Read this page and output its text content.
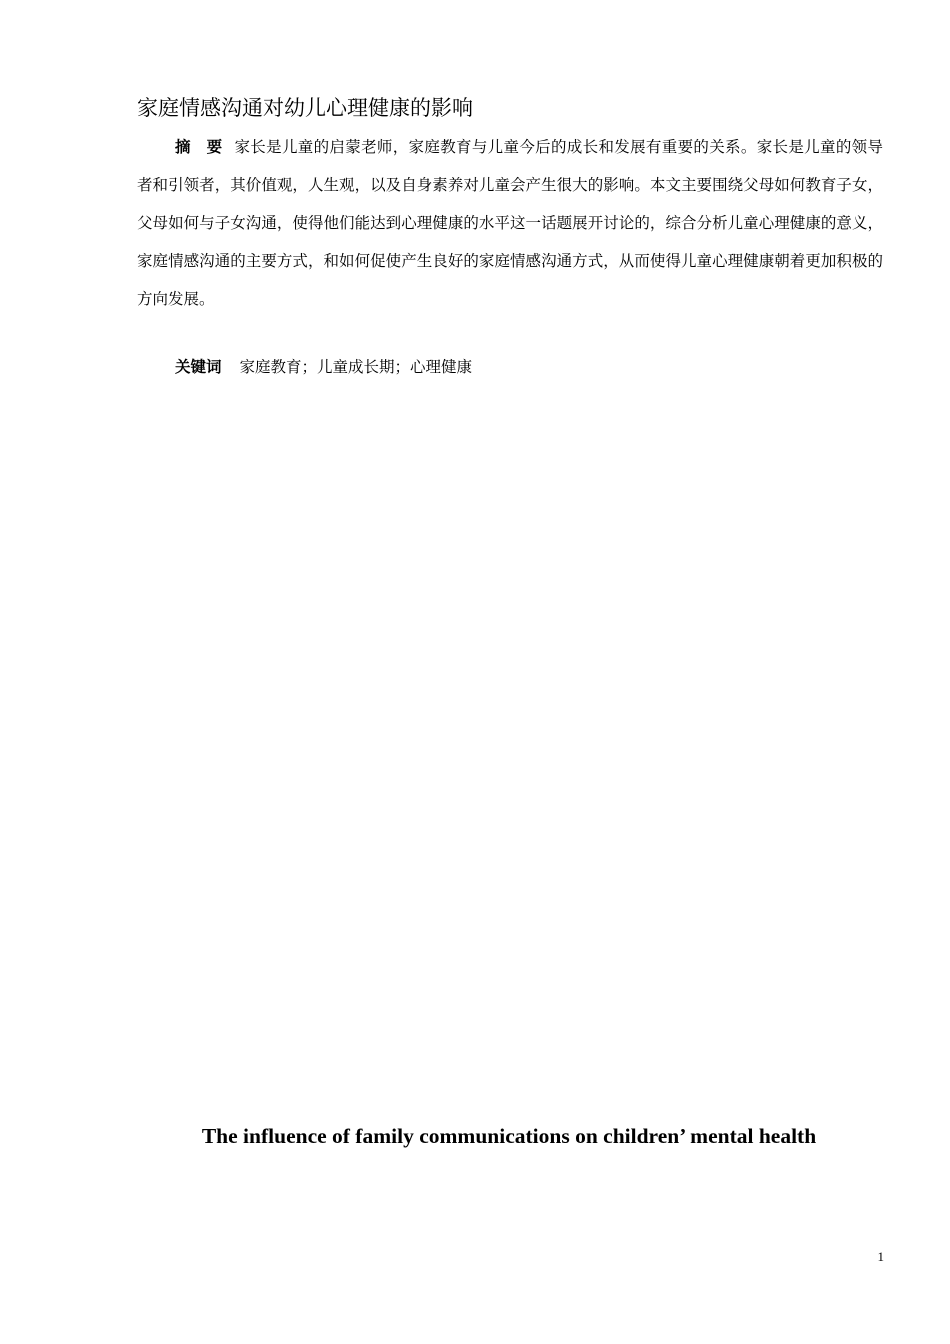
家庭情感沟通对幼儿心理健康的影响

摘　要 家长是儿童的启蒙老师，家庭教育与儿童今后的成长和发展有重要的关系。家长是儿童的领导者和引领者，其价值观，人生观，以及自身素养对儿童会产生很大的影响。本文主要围绕父母如何教育子女，父母如何与子女沟通，使得他们能达到心理健康的水平这一话题展开讨论的，综合分析儿童心理健康的意义，家庭情感沟通的主要方式，和如何促使产生良好的家庭情感沟通方式，从而使得儿童心理健康朝着更加积极的方向发展。

关键词 家庭教育；儿童成长期；心理健康
The influence of family communications on children’ mental health
1
